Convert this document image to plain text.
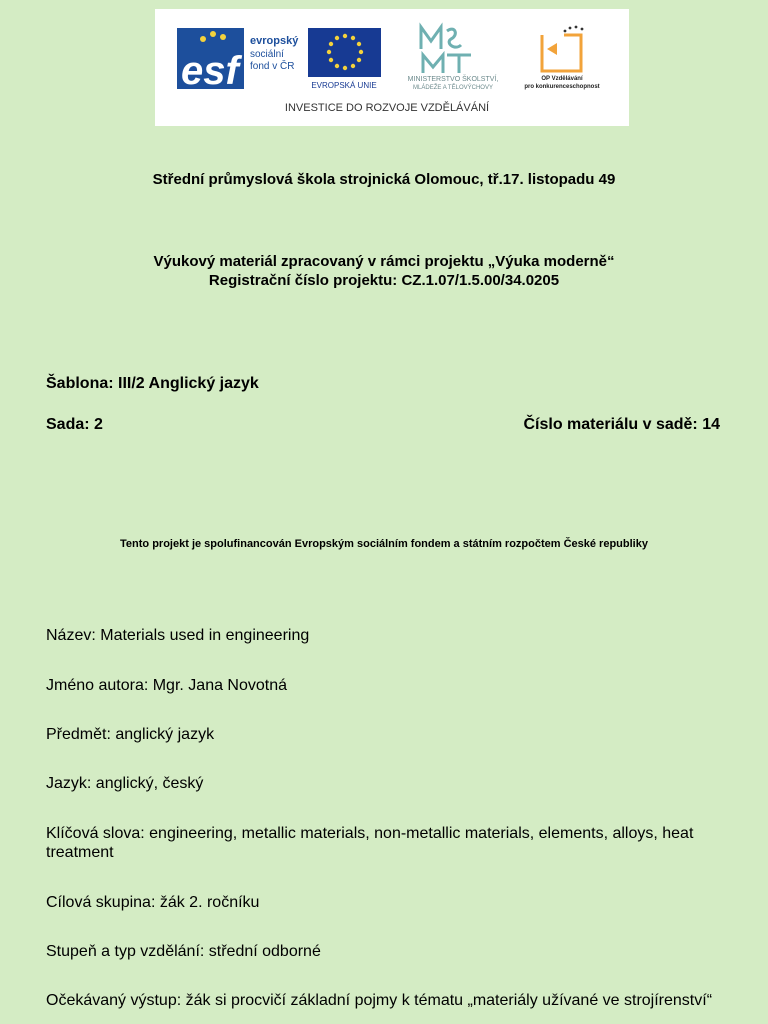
esf
evropský
sociální
fond v ČR
EVROPSKÁ UNIE
MINISTERSTVO ŠKOLSTVÍ,
MLÁDEŽE A TĚLOVÝCHOVY
OP Vzdělávání
pro konkurenceschopnost
INVESTICE DO ROZVOJE VZDĚLÁVÁNÍ
Střední průmyslová škola strojnická Olomouc, tř.17. listopadu 49
Výukový materiál zpracovaný v rámci projektu „Výuka moderně“
Registrační číslo projektu: CZ.1.07/1.5.00/34.0205
Šablona: III/2 Anglický jazyk
Sada: 2	Číslo materiálu v sadě: 14
Tento projekt je spolufinancován Evropským sociálním fondem a státním rozpočtem České republiky
Název: Materials used in engineering
Jméno autora: Mgr. Jana Novotná
Předmět: anglický jazyk
Jazyk: anglický, český
Klíčová slova: engineering, metallic materials, non-metallic materials, elements, alloys, heat treatment
Cílová skupina: žák 2. ročníku
Stupeň a typ vzdělání: střední odborné
Očekávaný výstup: žák si procvičí základní pojmy k tématu „materiály užívané ve strojírenství“
